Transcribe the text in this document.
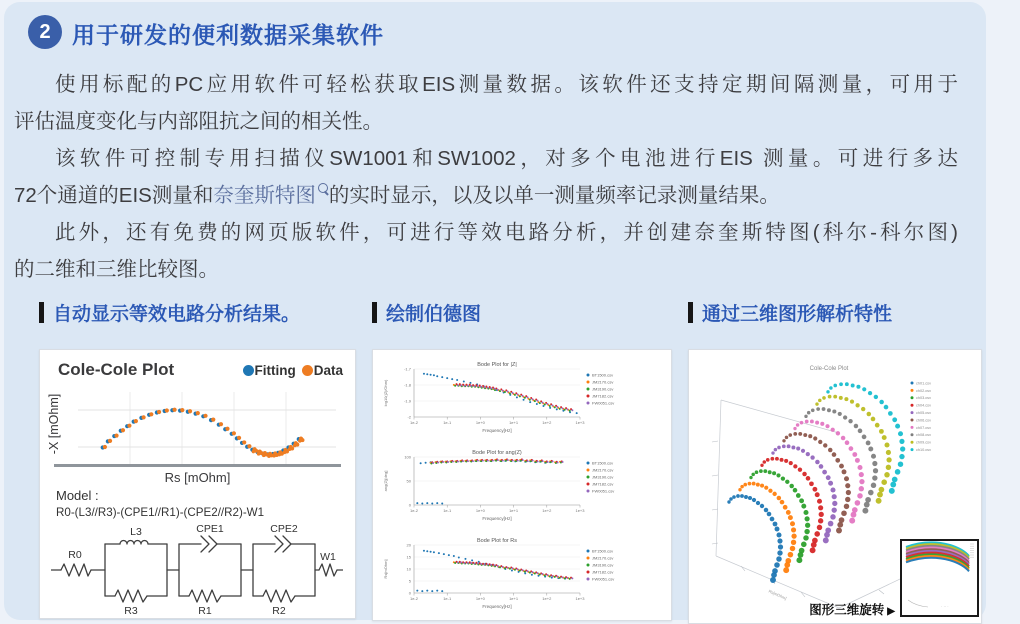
2 用于研发的便利数据采集软件
使用标配的PC应用软件可轻松获取EIS测量数据。该软件还支持定期间隔测量，可用于
评估温度变化与内部阻抗之间的相关性。
该软件可控制专用扫描仪SW1001和SW1002，对多个电池进行EIS 测量。可进行多达
72个通道的EIS测量和奈奎斯特图 的实时显示，以及以单一测量频率记录测量结果。
此外，还有免费的网页版软件，可进行等效电路分析，并创建奈奎斯特图(科尔-科尔图)
的二维和三维比较图。
自动显示等效电路分析结果。	绘制伯德图	通过三维图形解析特性
Cole-Cole Plot	Fitting Data
Rs [mOhm]
-X [mOhm]
Model :
R0-(L3//R3)-(CPE1//R1)-(CPE2//R2)-W1
R0
L3
R3
CPE1
R1
CPE2
R2
W1
Bode Plot for |Z|
-1.7
-1.8
-1.9
-2
1e-2	1e-1	1e+0	1e+1	1e+2	1e+3
Frequency[Hz]
log10(|Z|/Ohm)
BT1500.csv
JM2170.csv
JM3190.csv
JM7182.csv
FW0051.csv
Bode Plot for ang(Z)
100
50
0
1e-2	1e-1	1e+0	1e+1	1e+2	1e+3
Frequency[Hz]
ang(Z)[deg]
BT1500.csv
JM2170.csv
JM3190.csv
JM7182.csv
FW0051.csv
Bode Plot for Rs
20
15
10
5
0
1e-2	1e-1	1e+0	1e+1	1e+2	1e+3
Frequency[Hz]
Rs[mOhm]
BT1500.csv
JM2170.csv
JM3190.csv
JM7182.csv
FW0051.csv
Cole-Cole Plot
Rs[mOhm]
ch01.csv
ch02.csv
ch03.csv
ch04.csv
ch05.csv
ch06.csv
ch07.csv
ch08.csv
ch09.csv
ch10.csv
· ·· ·
图形三维旋转 ▶
